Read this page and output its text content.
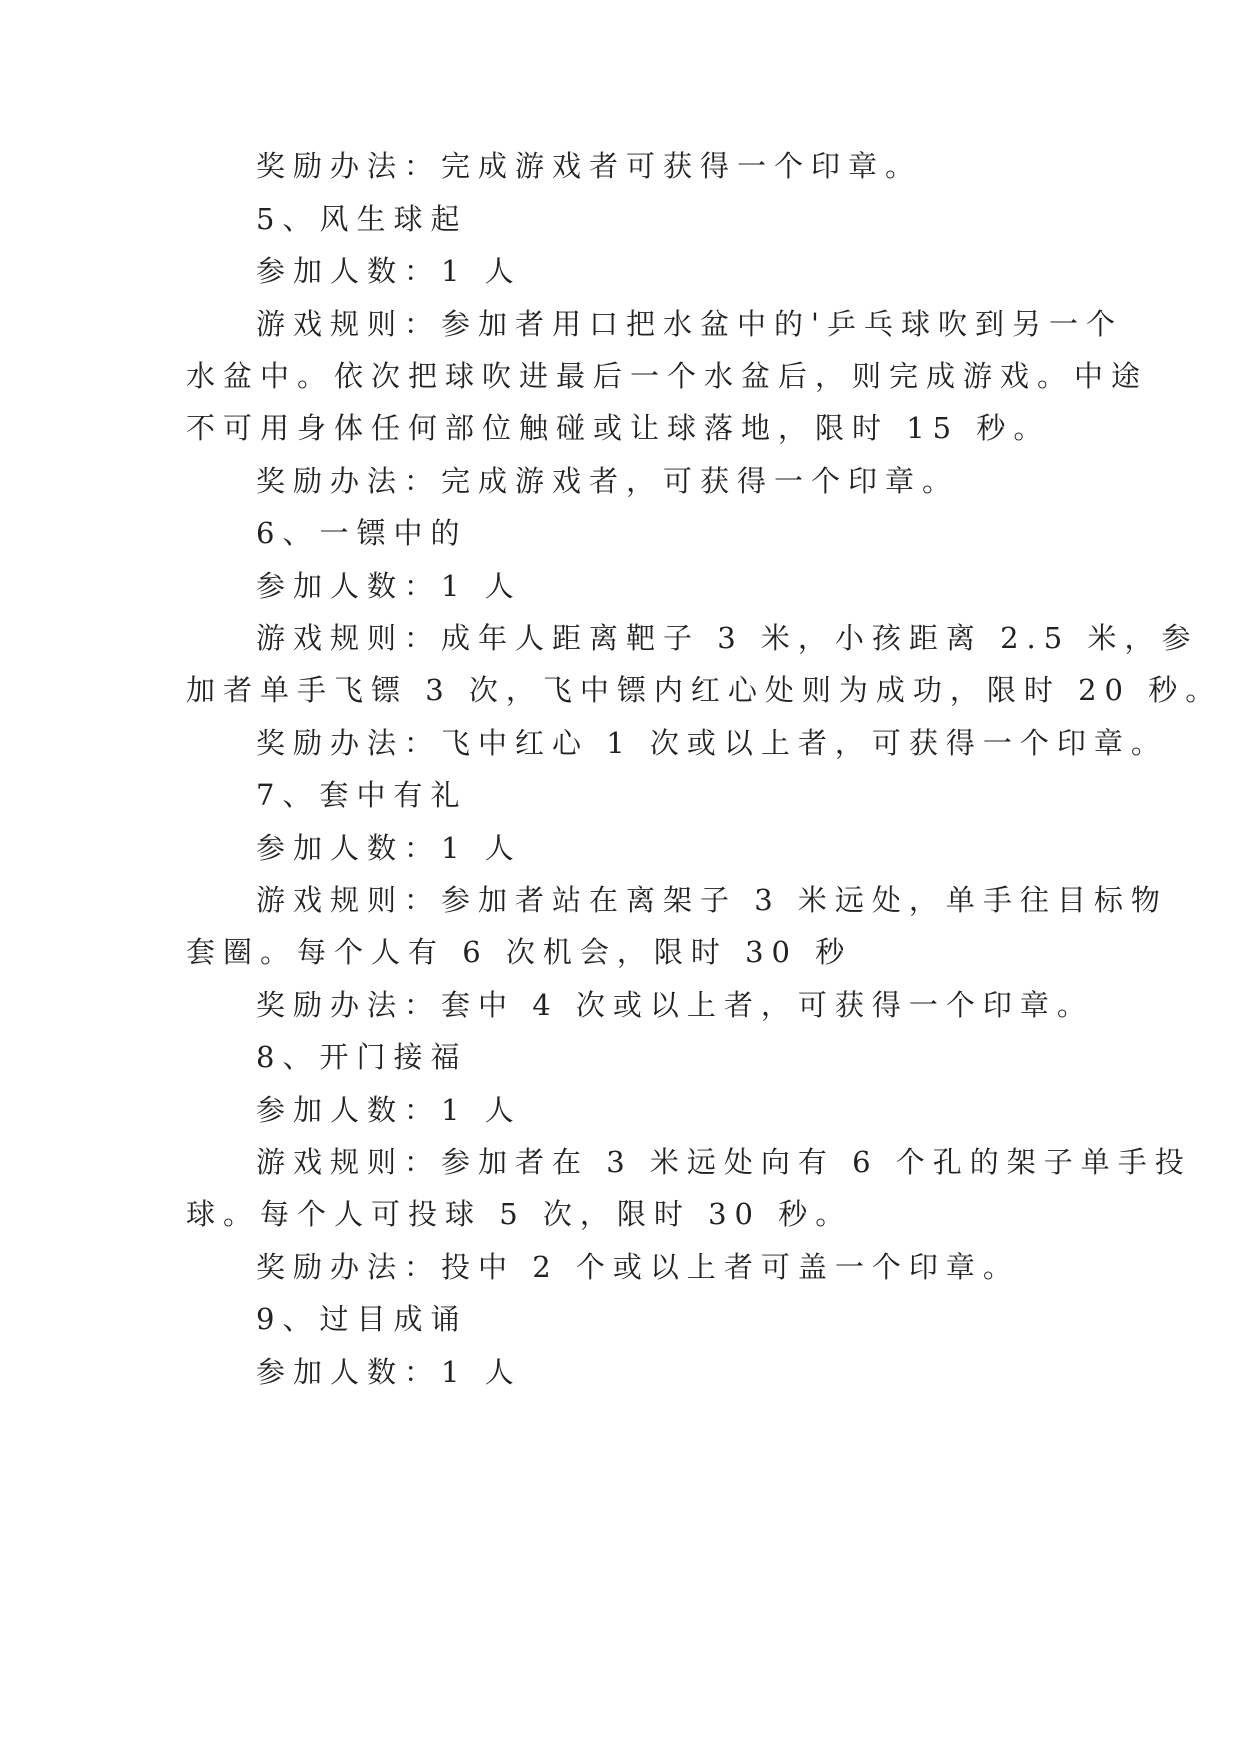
奖励办法：完成游戏者可获得一个印章。
5、风生球起
参加人数：1 人
游戏规则：参加者用口把水盆中的'乒乓球吹到另一个
水盆中。依次把球吹进最后一个水盆后，则完成游戏。中途
不可用身体任何部位触碰或让球落地，限时 15 秒。
奖励办法：完成游戏者，可获得一个印章。
6、一镖中的
参加人数：1 人
游戏规则：成年人距离靶子 3 米，小孩距离 2.5 米，参
加者单手飞镖 3 次，飞中镖内红心处则为成功，限时 20 秒。
奖励办法：飞中红心 1 次或以上者，可获得一个印章。
7、套中有礼
参加人数：1 人
游戏规则：参加者站在离架子 3 米远处，单手往目标物
套圈。每个人有 6 次机会，限时 30 秒
奖励办法：套中 4 次或以上者，可获得一个印章。
8、开门接福
参加人数：1 人
游戏规则：参加者在 3 米远处向有 6 个孔的架子单手投
球。每个人可投球 5 次，限时 30 秒。
奖励办法：投中 2 个或以上者可盖一个印章。
9、过目成诵
参加人数：1 人
